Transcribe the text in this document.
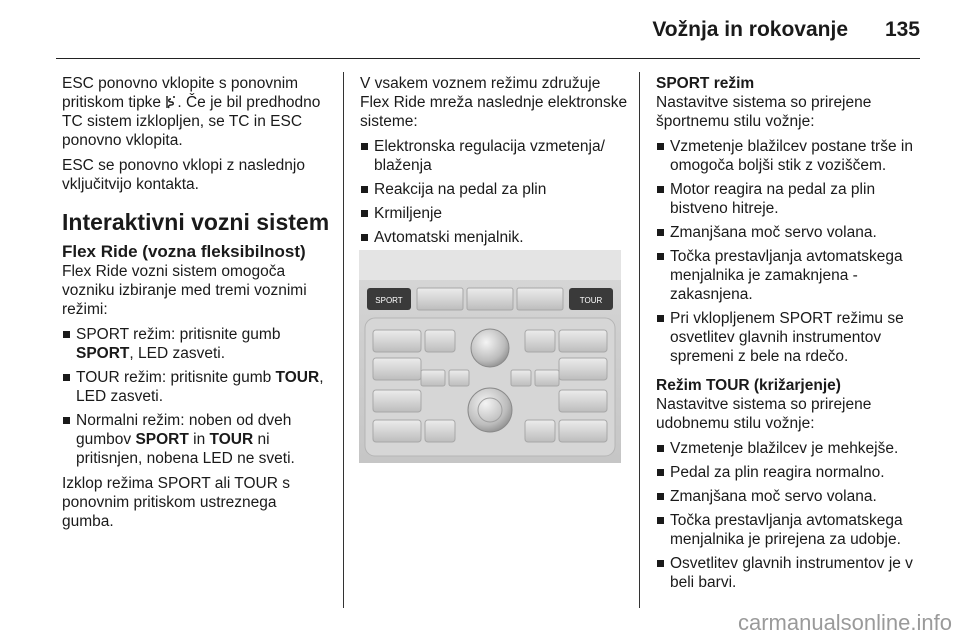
Vožnja in rokovanje 135

ESC ponovno vklopite s ponovnim pritiskom tipke . Če je bil predhodno TC sistem izklopljen, se TC in ESC ponovno vklopita.

ESC se ponovno vklopi z naslednjo vključitvijo kontakta.

Interaktivni vozni sistem
Flex Ride (vozna fleksibilnost)

Flex Ride vozni sistem omogoča vozniku izbiranje med tremi voznimi režimi:

SPORT režim: pritisnite gumb SPORT, LED zasveti.
TOUR režim: pritisnite gumb TOUR, LED zasveti.
Normalni režim: noben od dveh gumbov SPORT in TOUR ni pritisnjen, nobena LED ne sveti.

Izklop režima SPORT ali TOUR s ponovnim pritiskom ustreznega gumba.

V vsakem voznem režimu združuje Flex Ride mreža naslednje elektronske sisteme:

Elektronska regulacija vzmetenja/ blaženja
Reakcija na pedal za plin
Krmiljenje
Avtomatski menjalnik.
SPORT	TOUR
SPORT režim

Nastavitve sistema so prirejene športnemu stilu vožnje:

Vzmetenje blažilcev postane trše in omogoča boljši stik z voziščem.
Motor reagira na pedal za plin bistveno hitreje.
Zmanjšana moč servo volana.
Točka prestavljanja avtomatskega menjalnika je zamaknjena - zakasnjena.
Pri vklopljenem SPORT režimu se osvetlitev glavnih instrumentov spremeni z bele na rdečo.
Režim TOUR (križarjenje)

Nastavitve sistema so prirejene udobnemu stilu vožnje:

Vzmetenje blažilcev je mehkejše.
Pedal za plin reagira normalno.
Zmanjšana moč servo volana.
Točka prestavljanja avtomatskega menjalnika je prirejena za udobje.
Osvetlitev glavnih instrumentov je v beli barvi.
carmanualsonline.info
